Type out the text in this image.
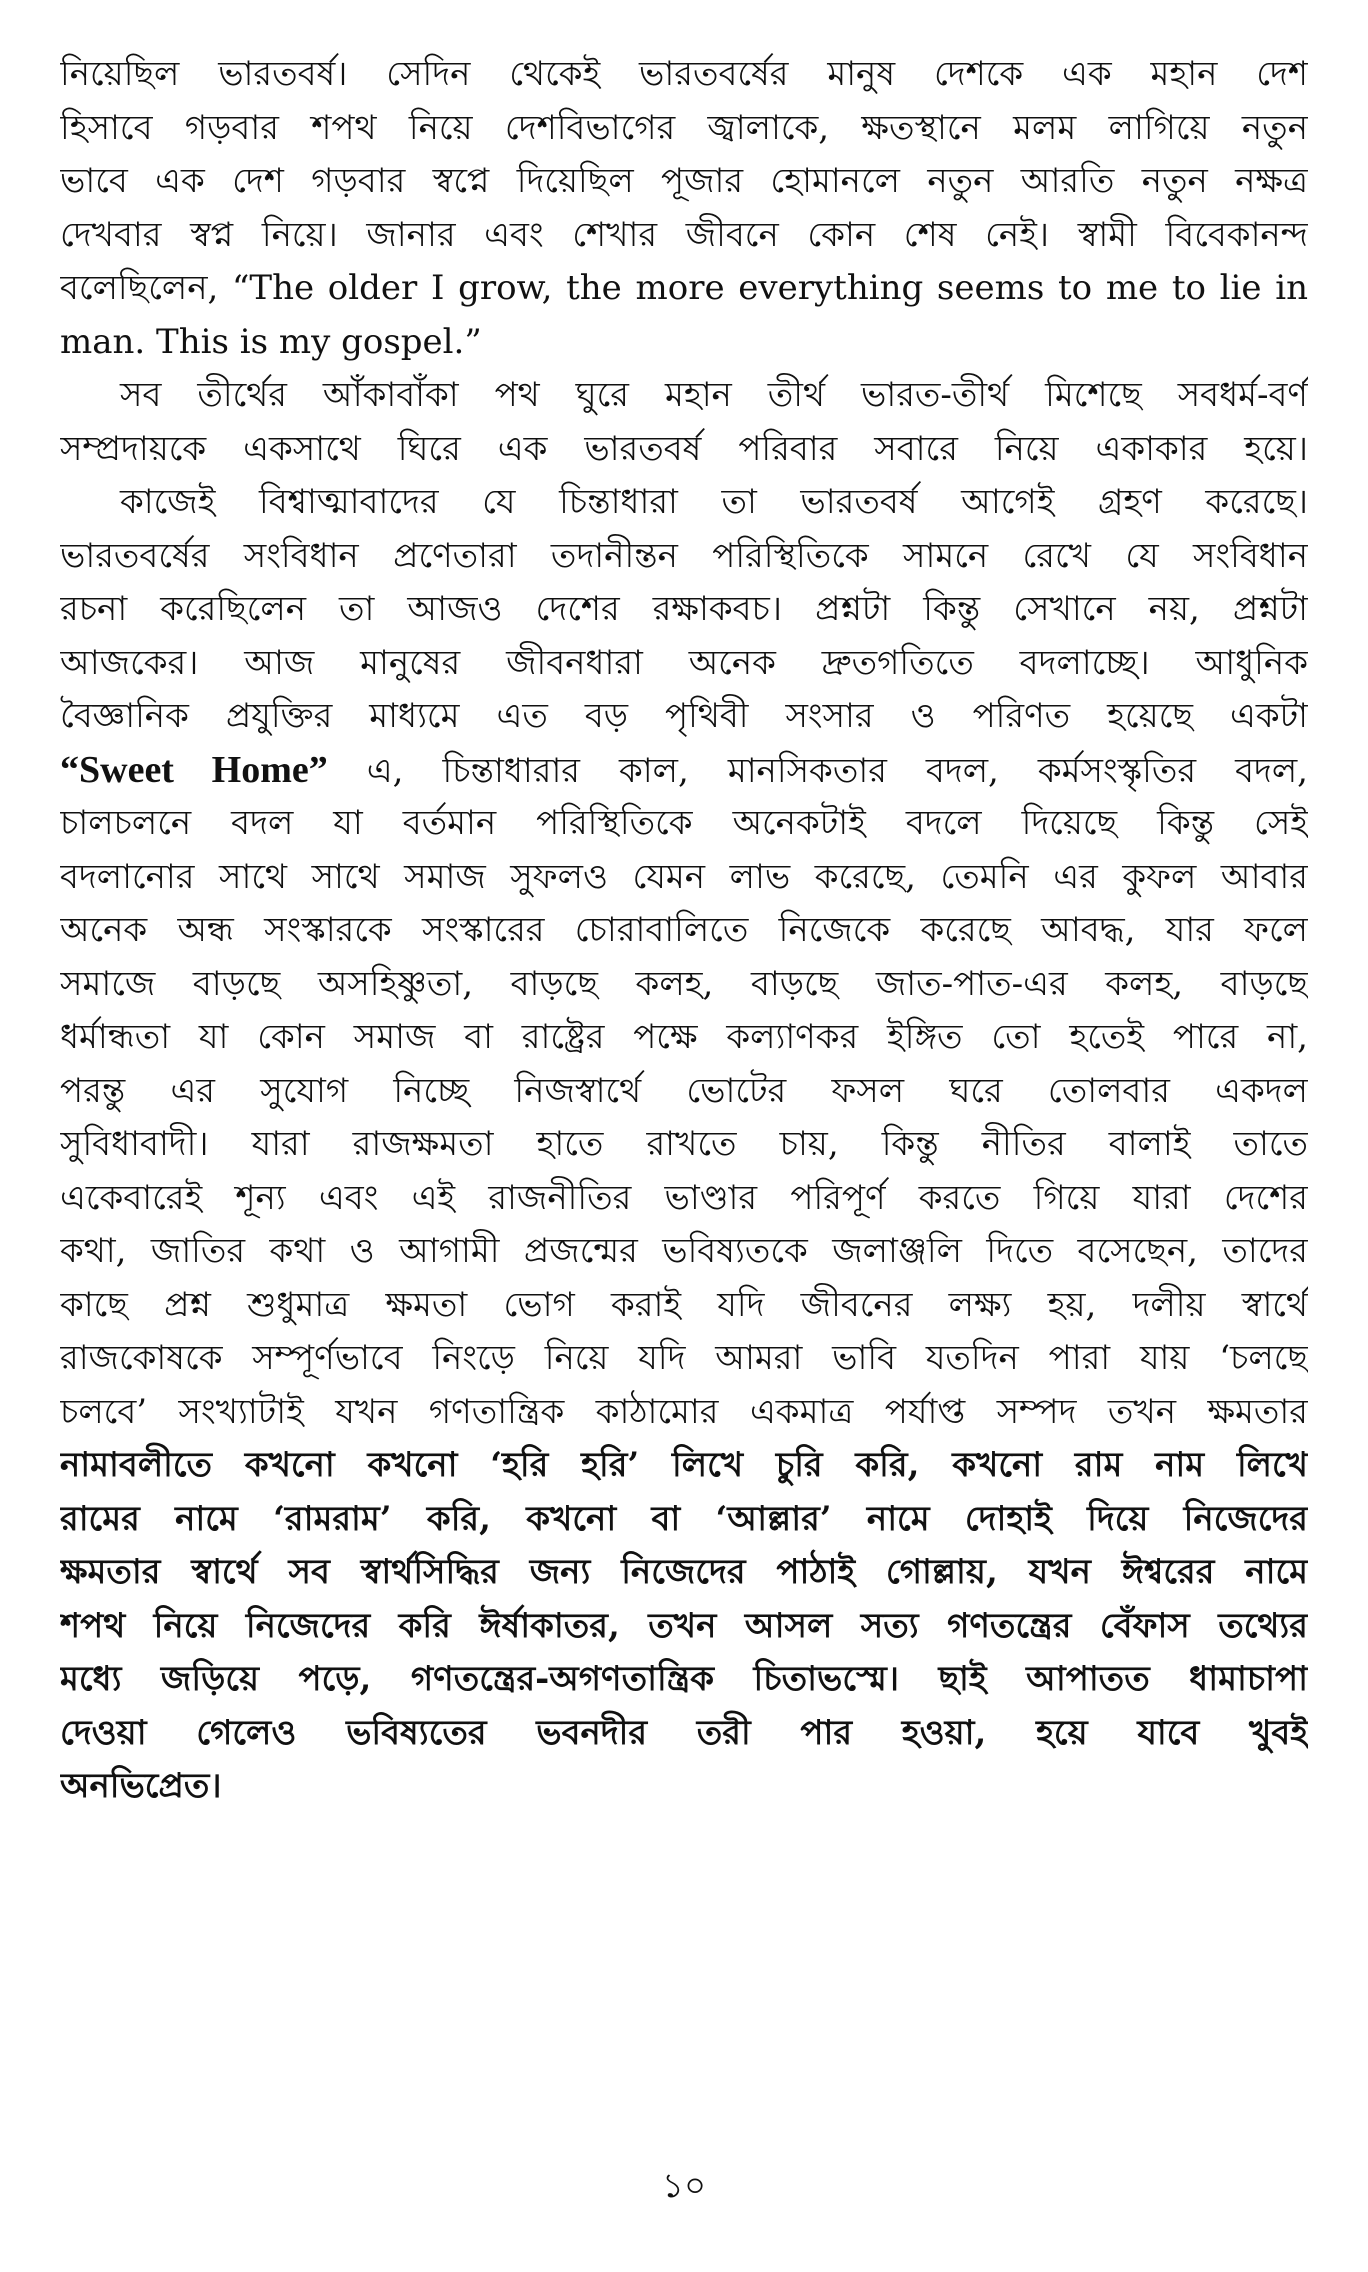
নিয়েছিল ভারতবর্ষ। সেদিন থেকেই ভারতবর্ষের মানুষ দেশকে এক মহান দেশ
হিসাবে গড়বার শপথ নিয়ে দেশবিভাগের জ্বালাকে, ক্ষতস্থানে মলম লাগিয়ে নতুন
ভাবে এক দেশ গড়বার স্বপ্নে দিয়েছিল পূজার হোমানলে নতুন আরতি নতুন নক্ষত্র
দেখবার স্বপ্ন নিয়ে। জানার এবং শেখার জীবনে কোন শেষ নেই। স্বামী বিবেকানন্দ
বলেছিলেন, “The older I grow, the more everything seems to me to lie in
man. This is my gospel.”
সব তীর্থের আঁকাবাঁকা পথ ঘুরে মহান তীর্থ ভারত-তীর্থ মিশেছে সবধর্ম-বর্ণ
সম্প্রদায়কে একসাথে ঘিরে এক ভারতবর্ষ পরিবার সবারে নিয়ে একাকার হয়ে।
কাজেই বিশ্বাত্মাবাদের যে চিন্তাধারা তা ভারতবর্ষ আগেই গ্রহণ করেছে।
ভারতবর্ষের সংবিধান প্রণেতারা তদানীন্তন পরিস্থিতিকে সামনে রেখে যে সংবিধান
রচনা করেছিলেন তা আজও দেশের রক্ষাকবচ। প্রশ্নটা কিন্তু সেখানে নয়, প্রশ্নটা
আজকের। আজ মানুষের জীবনধারা অনেক দ্রুতগতিতে বদলাচ্ছে। আধুনিক
বৈজ্ঞানিক প্রযুক্তির মাধ্যমে এত বড় পৃথিবী সংসার ও পরিণত হয়েছে একটা
“Sweet Home” এ, চিন্তাধারার কাল, মানসিকতার বদল, কর্মসংস্কৃতির বদল,
চালচলনে বদল যা বর্তমান পরিস্থিতিকে অনেকটাই বদলে দিয়েছে কিন্তু সেই
বদলানোর সাথে সাথে সমাজ সুফলও যেমন লাভ করেছে, তেমনি এর কুফল আবার
অনেক অন্ধ সংস্কারকে সংস্কারের চোরাবালিতে নিজেকে করেছে আবদ্ধ, যার ফলে
সমাজে বাড়ছে অসহিষ্ণুতা, বাড়ছে কলহ, বাড়ছে জাত-পাত-এর কলহ, বাড়ছে
ধর্মান্ধতা যা কোন সমাজ বা রাষ্ট্রের পক্ষে কল্যাণকর ইঙ্গিত তো হতেই পারে না,
পরন্তু এর সুযোগ নিচ্ছে নিজস্বার্থে ভোটের ফসল ঘরে তোলবার একদল
সুবিধাবাদী। যারা রাজক্ষমতা হাতে রাখতে চায়, কিন্তু নীতির বালাই তাতে
একেবারেই শূন্য এবং এই রাজনীতির ভাণ্ডার পরিপূর্ণ করতে গিয়ে যারা দেশের
কথা, জাতির কথা ও আগামী প্রজন্মের ভবিষ্যতকে জলাঞ্জলি দিতে বসেছেন, তাদের
কাছে প্রশ্ন শুধুমাত্র ক্ষমতা ভোগ করাই যদি জীবনের লক্ষ্য হয়, দলীয় স্বার্থে
রাজকোষকে সম্পূর্ণভাবে নিংড়ে নিয়ে যদি আমরা ভাবি যতদিন পারা যায় ‘চলছে
চলবে’ সংখ্যাটাই যখন গণতান্ত্রিক কাঠামোর একমাত্র পর্যাপ্ত সম্পদ তখন ক্ষমতার
নামাবলীতে কখনো কখনো ‘হরি হরি’ লিখে চুরি করি, কখনো রাম নাম লিখে
রামের নামে ‘রামরাম’ করি, কখনো বা ‘আল্লার’ নামে দোহাই দিয়ে নিজেদের
ক্ষমতার স্বার্থে সব স্বার্থসিদ্ধির জন্য নিজেদের পাঠাই গোল্লায়, যখন ঈশ্বরের নামে
শপথ নিয়ে নিজেদের করি ঈর্ষাকাতর, তখন আসল সত্য গণতন্ত্রের বেঁফাস তথ্যের
মধ্যে জড়িয়ে পড়ে, গণতন্ত্রের-অগণতান্ত্রিক চিতাভস্মে। ছাই আপাতত ধামাচাপা
দেওয়া গেলেও ভবিষ্যতের ভবনদীর তরী পার হওয়া, হয়ে যাবে খুবই
অনভিপ্রেত।
১০
